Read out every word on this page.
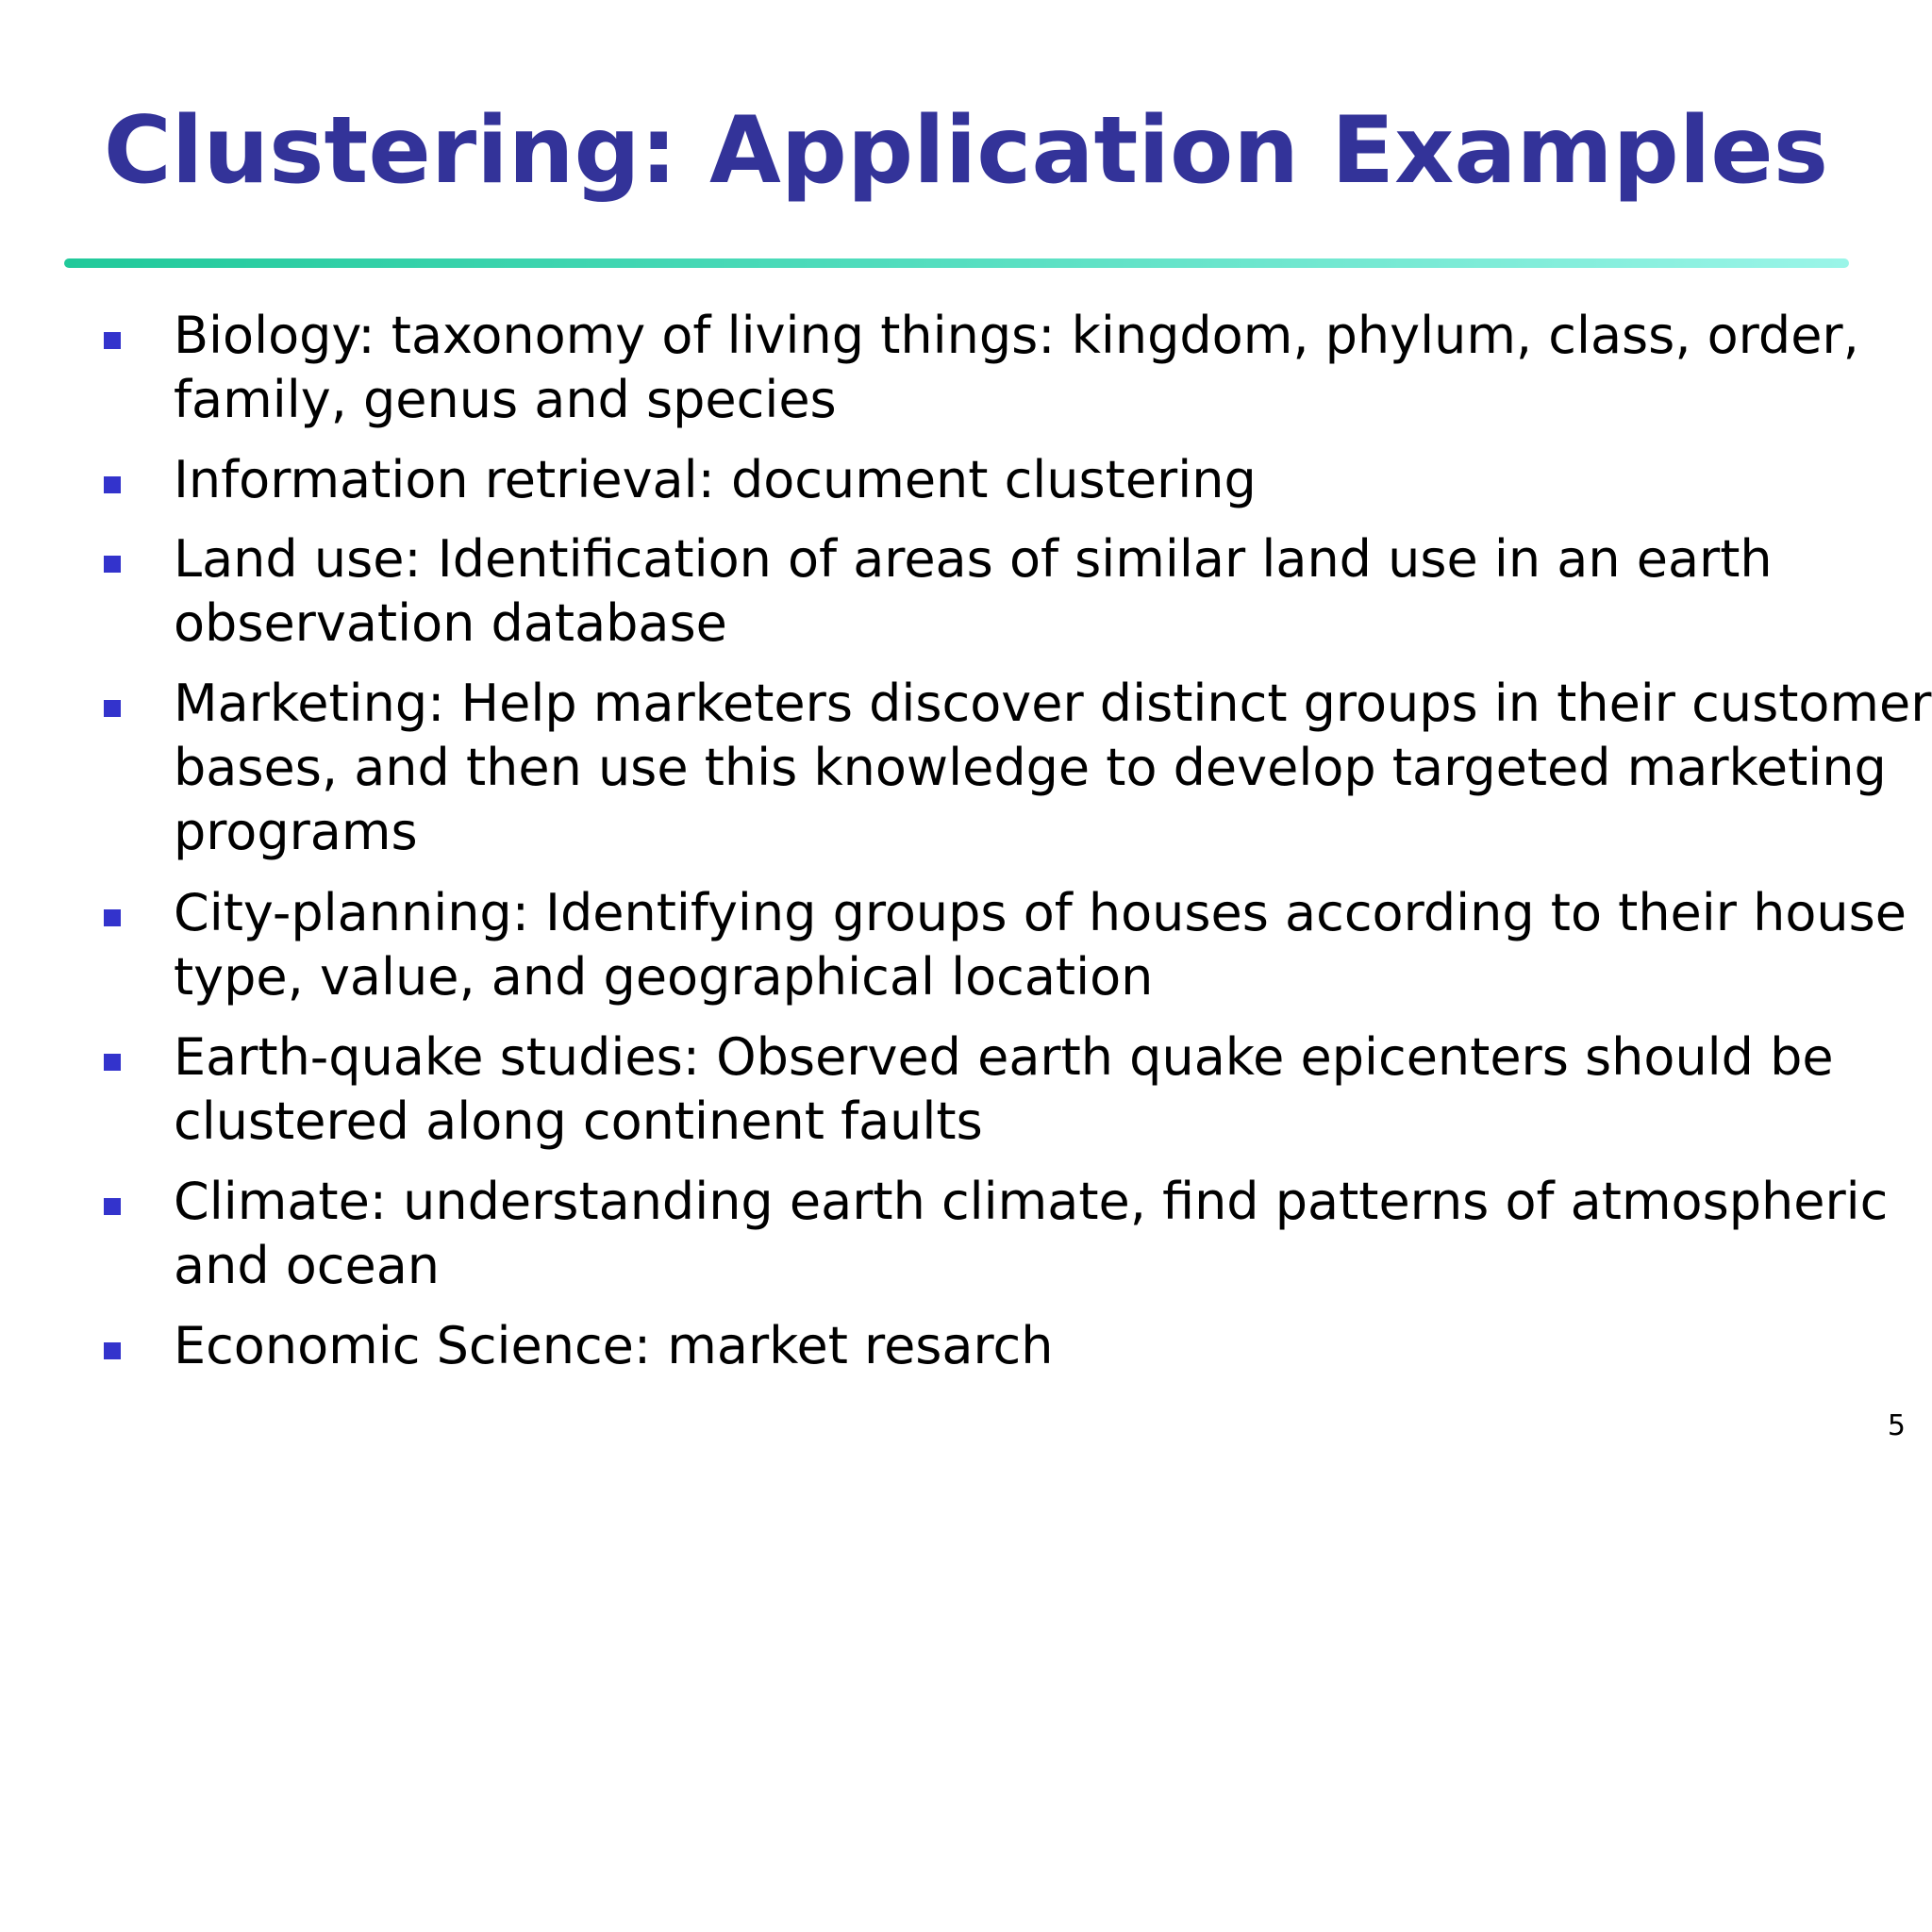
Clustering: Application Examples
Biology: taxonomy of living things: kingdom, phylum, class, order,
family, genus and species
Information retrieval: document clustering
Land use: Identification of areas of similar land use in an earth
observation database
Marketing: Help marketers discover distinct groups in their customer
bases, and then use this knowledge to develop targeted marketing
programs
City-planning: Identifying groups of houses according to their house
type, value, and geographical location
Earth-quake studies: Observed earth quake epicenters should be
clustered along continent faults
Climate: understanding earth climate, find patterns of atmospheric
and ocean
Economic Science: market resarch
5
